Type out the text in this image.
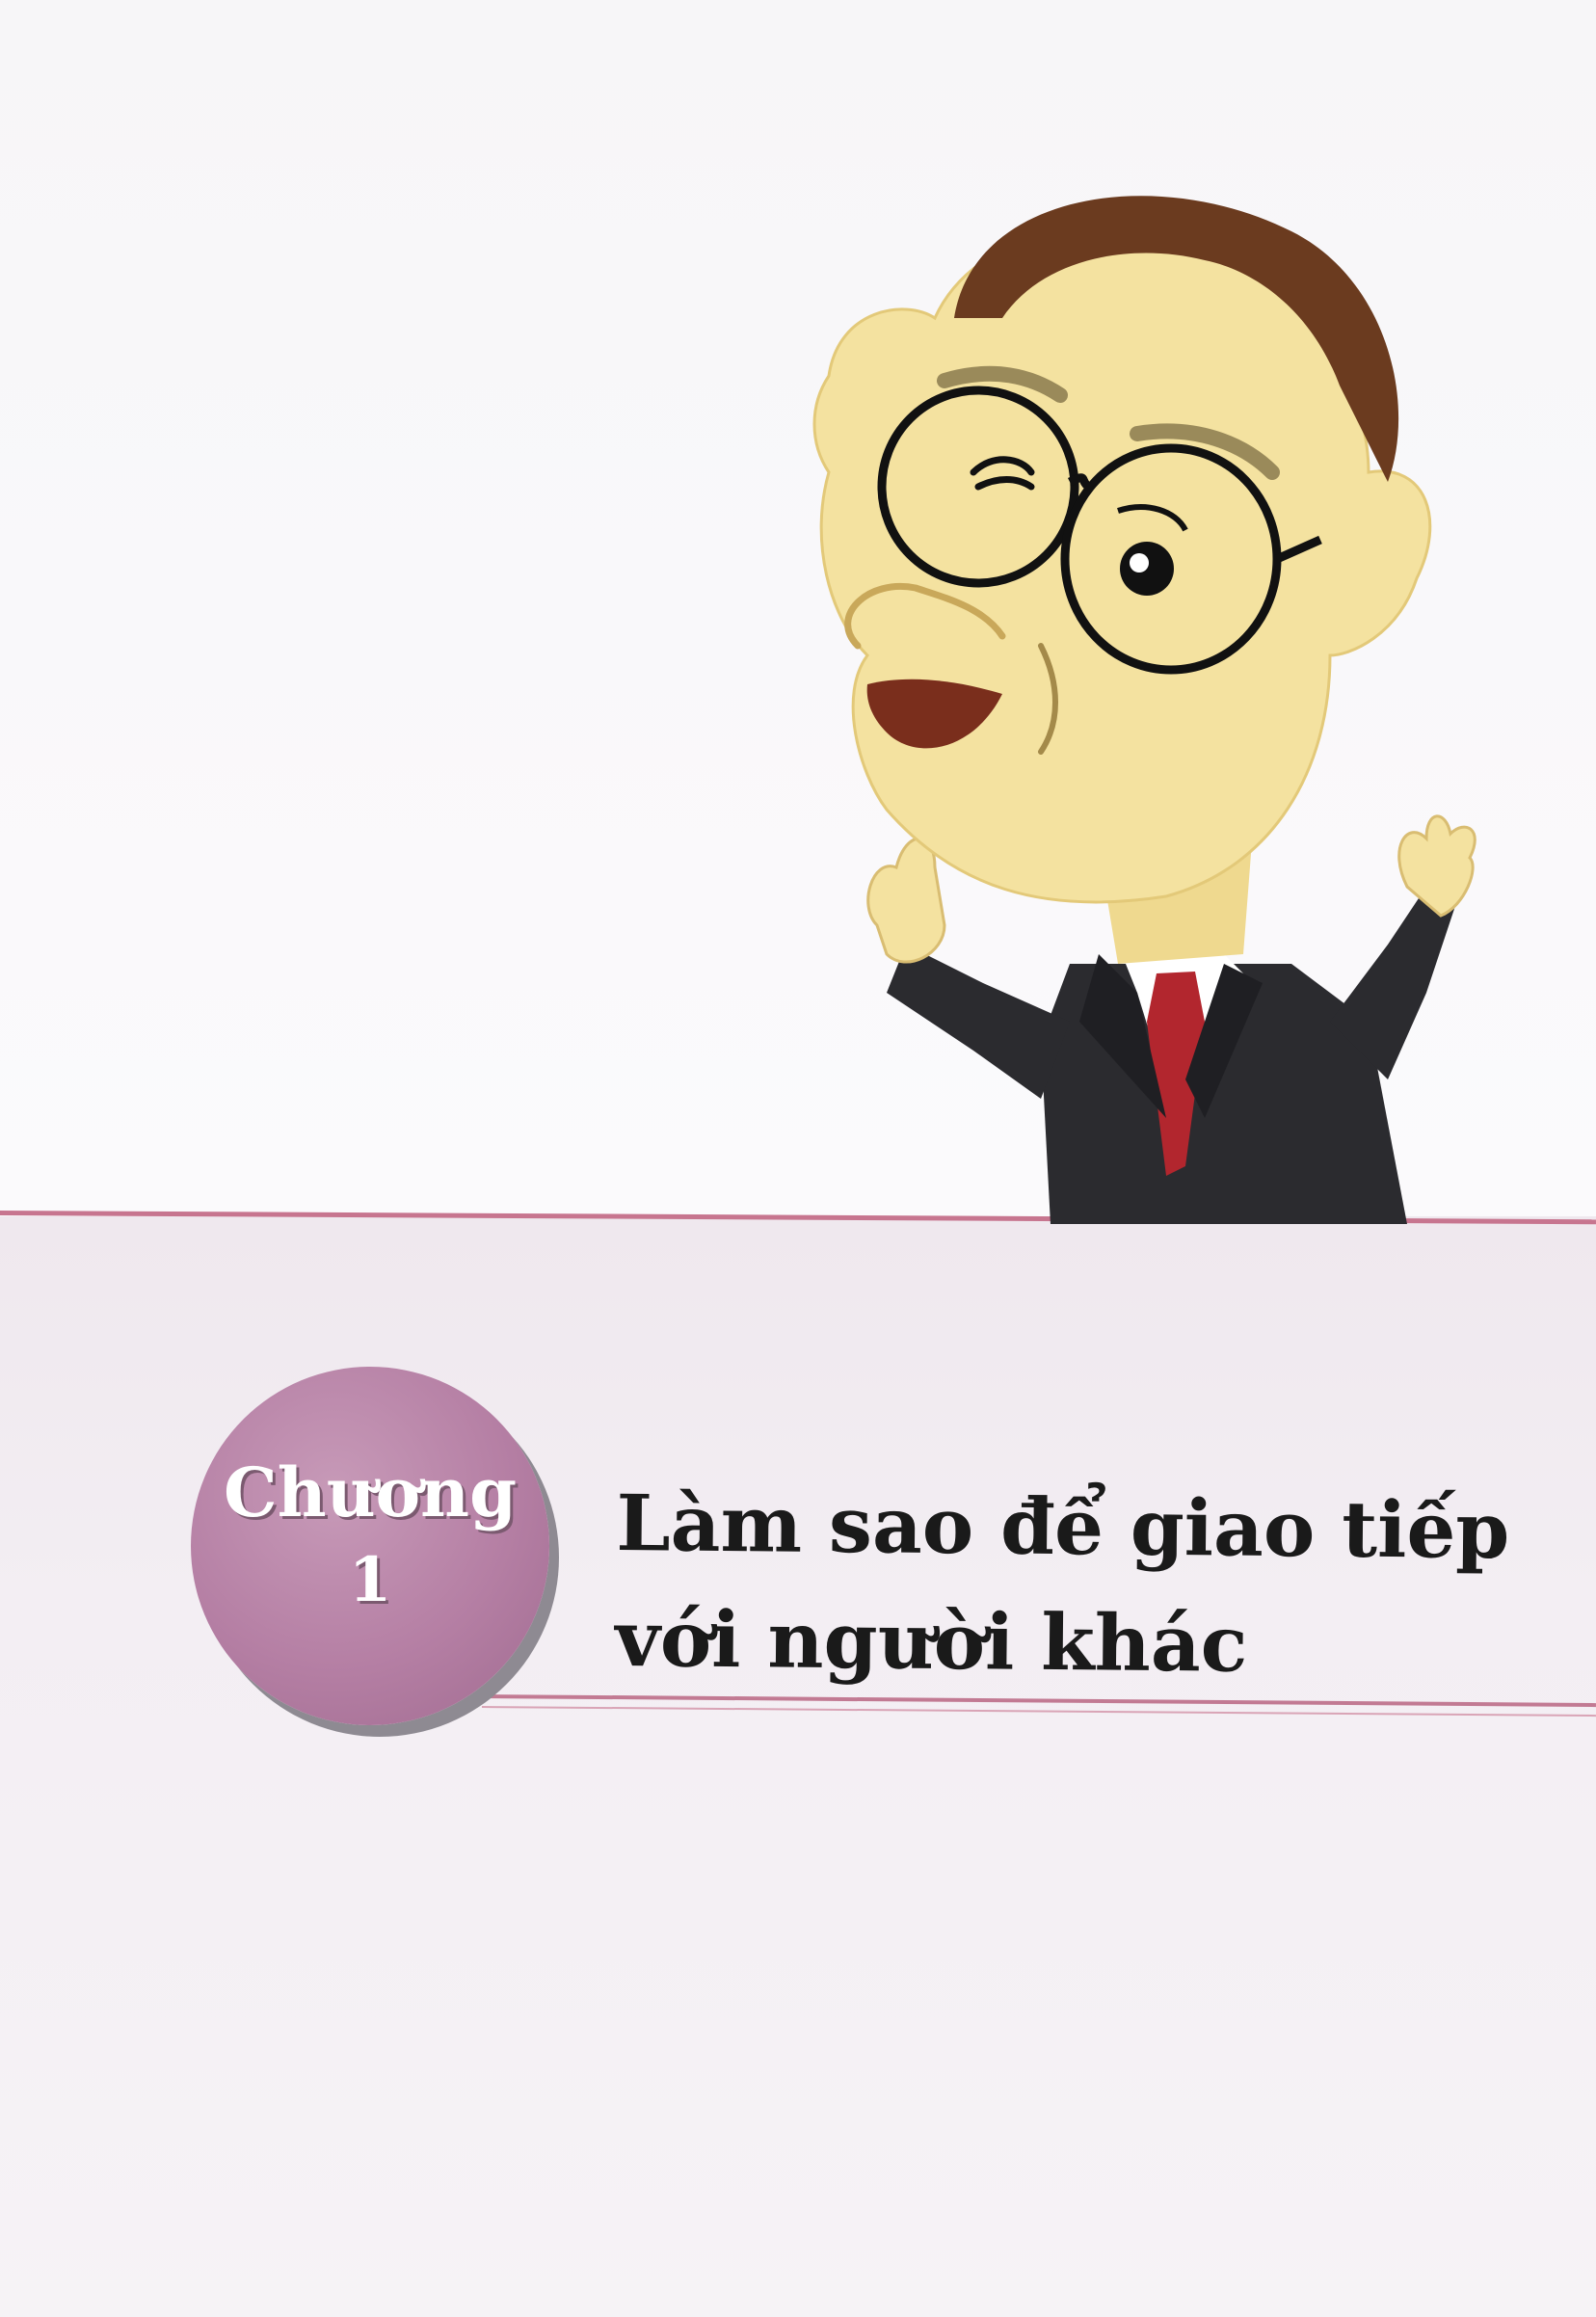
Chương
1
Làm sao để giao tiếp
với người khác
